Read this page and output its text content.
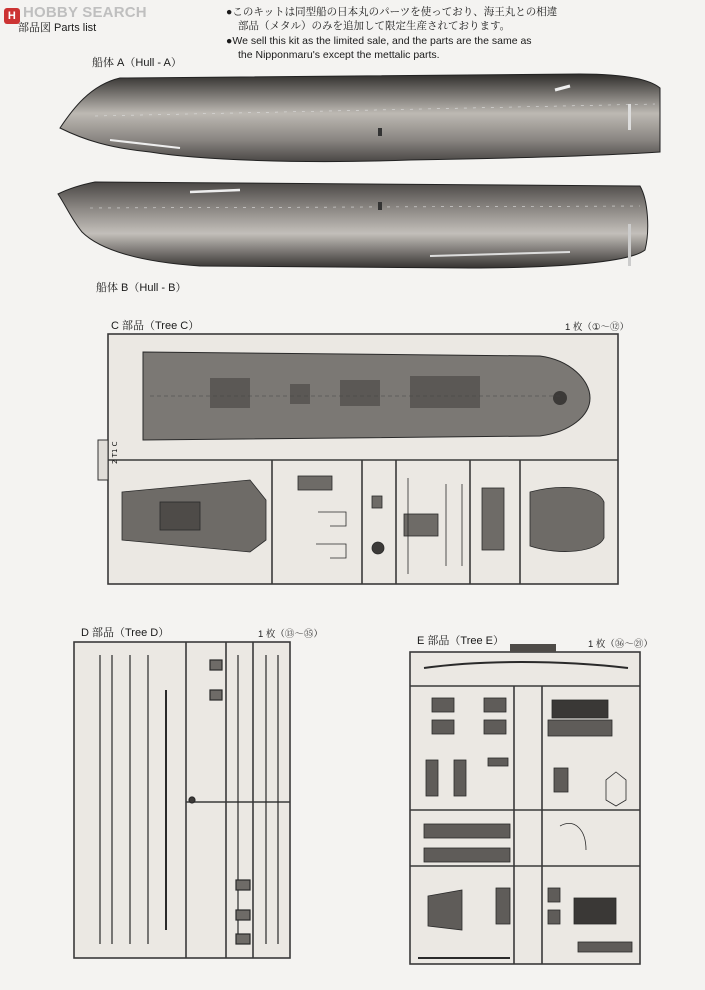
H HOBBY SEARCH
部品図 Parts list
●このキットは同型船の日本丸のパーツを使っており、海王丸との相違
部品（メタル）のみを追加して限定生産されております。
●We sell this kit as the limited sale, and the parts are the same as
the Nipponmaru's except the mettalic parts.
船体 A（Hull - A）
船体 B（Hull - B）
C 部品（Tree C）	1 枚（①～⑫）
D 部品（Tree D）	1 枚（⑬～㉟）
E 部品（Tree E）	1 枚（㊱～㉑）
2 T1 C
